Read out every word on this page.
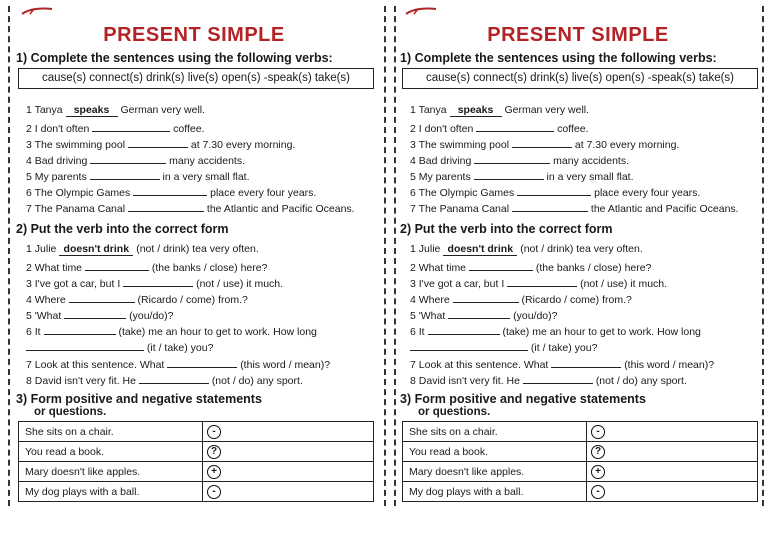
PRESENT SIMPLE
1) Complete the sentences using the following verbs:
cause(s) connect(s) drink(s) live(s) open(s) -speak(s) take(s)
1 Tanya speaks German very well.
2 I don't often	coffee.
3 The swimming pool	at 7.30 every morning.
4 Bad driving	many accidents.
5 My parents	in a very small flat.
6 The Olympic Games	place every four years.
7 The Panama Canal	the Atlantic and Pacific Oceans.
2) Put the verb into the correct form
1 Julie doesn't drink (not / drink) tea very often.
2 What time	(the banks / close) here?
3 I've got a car, but I	(not / use) it much.
4 Where	(Ricardo / come) from.?
5 'What	(you/do)?
6 It	(take) me an hour to get to work. How long
(it / take) you?
7 Look at this sentence. What	(this word / mean)?
8 David isn't very fit. He	(not / do) any sport.
3) Form positive and negative statements
or questions.
She sits on a chair.	-
You read a book.	?
Mary doesn't like apples.	+
My dog plays with a ball.	-
PRESENT SIMPLE
1) Complete the sentences using the following verbs:
cause(s) connect(s) drink(s) live(s) open(s) -speak(s) take(s)
1 Tanya speaks German very well.
2 I don't often	coffee.
3 The swimming pool	at 7.30 every morning.
4 Bad driving	many accidents.
5 My parents	in a very small flat.
6 The Olympic Games	place every four years.
7 The Panama Canal	the Atlantic and Pacific Oceans.
2) Put the verb into the correct form
1 Julie doesn't drink (not / drink) tea very often.
2 What time	(the banks / close) here?
3 I've got a car, but I	(not / use) it much.
4 Where	(Ricardo / come) from.?
5 'What	(you/do)?
6 It	(take) me an hour to get to work. How long
(it / take) you?
7 Look at this sentence. What	(this word / mean)?
8 David isn't very fit. He	(not / do) any sport.
3) Form positive and negative statements
or questions.
She sits on a chair.	-
You read a book.	?
Mary doesn't like apples.	+
My dog plays with a ball.	-
